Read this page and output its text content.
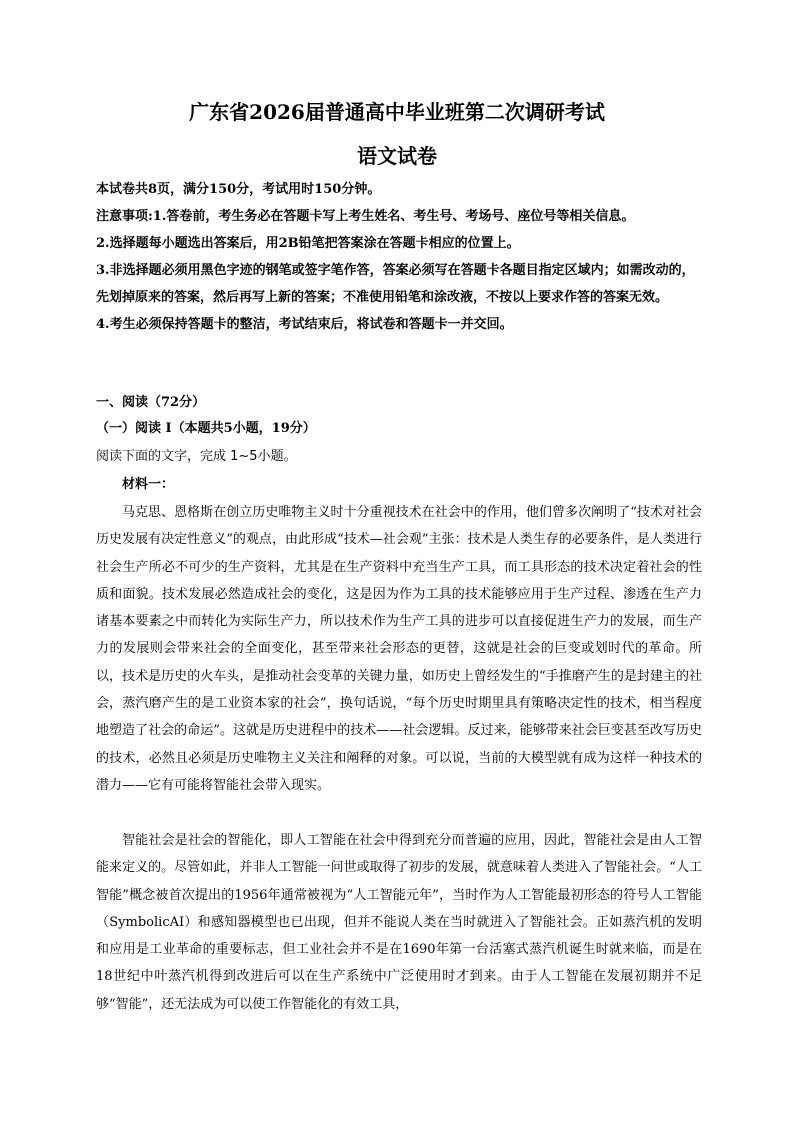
广东省2026届普通高中毕业班第二次调研考试
语文试卷

本试卷共8页，满分150分，考试用时150分钟。

注意事项:1.答卷前，考生务必在答题卡写上考生姓名、考生号、考场号、座位号等相关信息。

2.选择题每小题选出答案后，用2B铅笔把答案涂在答题卡相应的位置上。

3.非选择题必须用黑色字迹的钢笔或签字笔作答，答案必须写在答题卡各题目指定区域内；如需改动的，先划掉原来的答案，然后再写上新的答案；不准使用铅笔和涂改液，不按以上要求作答的答案无效。

4.考生必须保持答题卡的整洁，考试结束后，将试卷和答题卡一并交回。

一、阅读（72分）
（一）阅读 I（本题共5小题，19分）
阅读下面的文字，完成 1~5小题。
材料一：

马克思、恩格斯在创立历史唯物主义时十分重视技术在社会中的作用，他们曾多次阐明了“技术对社会历史发展有决定性意义”的观点，由此形成“技术—社会观”主张：技术是人类生存的必要条件，是人类进行社会生产所必不可少的生产资料，尤其是在生产资料中充当生产工具，而工具形态的技术决定着社会的性质和面貌。技术发展必然造成社会的变化，这是因为作为工具的技术能够应用于生产过程、渗透在生产力诸基本要素之中而转化为实际生产力，所以技术作为生产工具的进步可以直接促进生产力的发展，而生产力的发展则会带来社会的全面变化，甚至带来社会形态的更替，这就是社会的巨变或划时代的革命。所以，技术是历史的火车头，是推动社会变革的关键力量，如历史上曾经发生的“手推磨产生的是封建主的社会，蒸汽磨产生的是工业资本家的社会”，换句话说，“每个历史时期里具有策略决定性的技术，相当程度地塑造了社会的命运”。这就是历史进程中的技术——社会逻辑。反过来，能够带来社会巨变甚至改写历史的技术，必然且必须是历史唯物主义关注和阐释的对象。可以说，当前的大模型就有成为这样一种技术的潜力——它有可能将智能社会带入现实。

智能社会是社会的智能化，即人工智能在社会中得到充分而普遍的应用，因此，智能社会是由人工智能来定义的。尽管如此，并非人工智能一问世或取得了初步的发展，就意味着人类进入了智能社会。“人工智能”概念被首次提出的1956年通常被视为“人工智能元年”，当时作为人工智能最初形态的符号人工智能（SymbolicAI）和感知器模型也已出现，但并不能说人类在当时就进入了智能社会。正如蒸汽机的发明和应用是工业革命的重要标志，但工业社会并不是在1690年第一台活塞式蒸汽机诞生时就来临，而是在18世纪中叶蒸汽机得到改进后可以在生产系统中广泛使用时才到来。由于人工智能在发展初期并不足够“智能”，还无法成为可以使工作智能化的有效工具，
